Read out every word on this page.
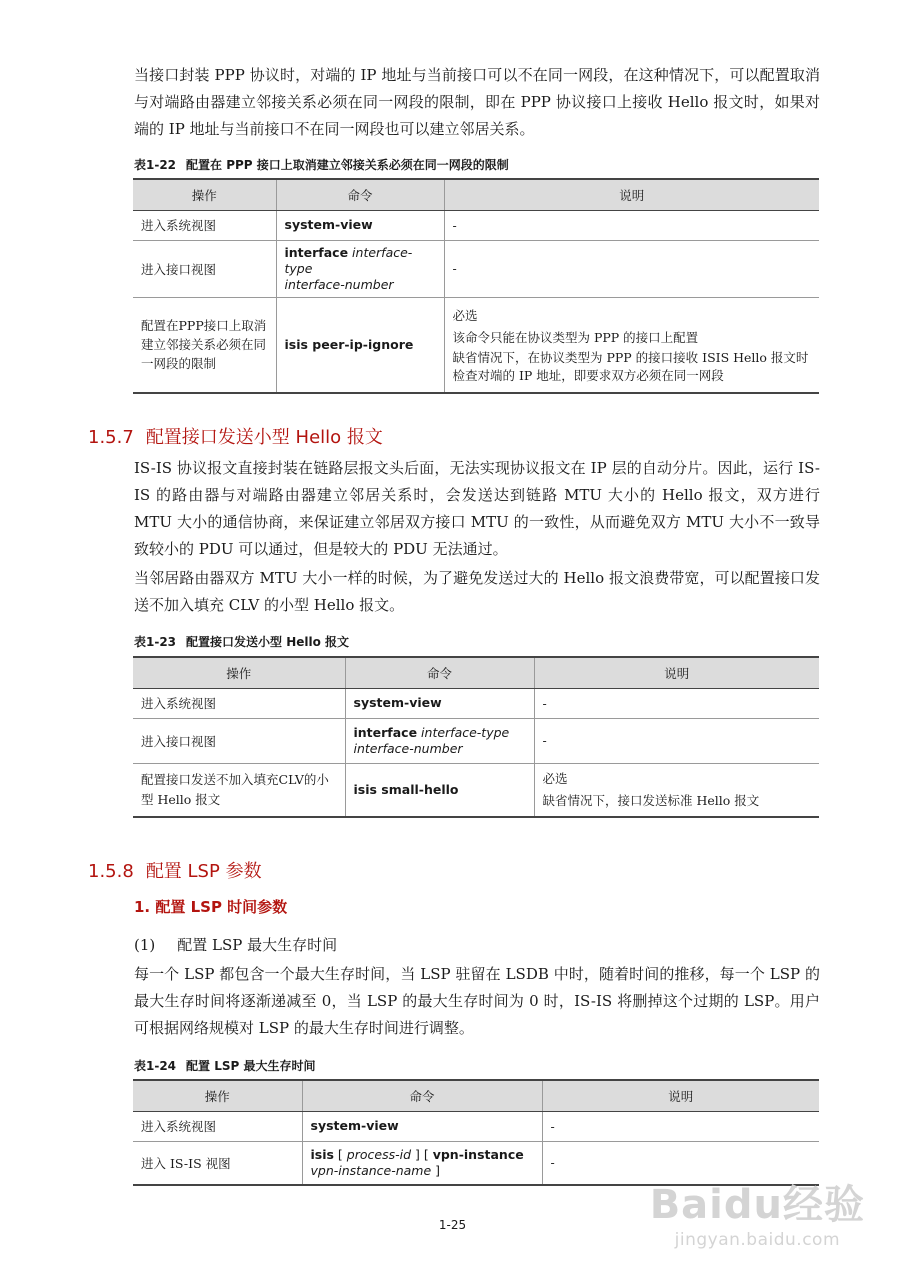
当接口封装 PPP 协议时，对端的 IP 地址与当前接口可以不在同一网段，在这种情况下，可以配置取消与对端路由器建立邻接关系必须在同一网段的限制，即在 PPP 协议接口上接收 Hello 报文时，如果对端的 IP 地址与当前接口不在同一网段也可以建立邻居关系。

表1-22 配置在 PPP 接口上取消建立邻接关系必须在同一网段的限制

操作	命令	说明
进入系统视图	system-view	-
进入接口视图	interface interface-type
interface-number	-
配置在PPP接口上取消建立邻接关系必须在同一网段的限制	isis peer-ip-ignore	必选
该命令只能在协议类型为 PPP 的接口上配置
缺省情况下，在协议类型为 PPP 的接口接收 ISIS Hello 报文时检查对端的 IP 地址，即要求双方必须在同一网段
1.5.7 配置接口发送小型 Hello 报文

IS-IS 协议报文直接封装在链路层报文头后面，无法实现协议报文在 IP 层的自动分片。因此，运行 IS-IS 的路由器与对端路由器建立邻居关系时，会发送达到链路 MTU 大小的 Hello 报文，双方进行 MTU 大小的通信协商，来保证建立邻居双方接口 MTU 的一致性，从而避免双方 MTU 大小不一致导致较小的 PDU 可以通过，但是较大的 PDU 无法通过。

当邻居路由器双方 MTU 大小一样的时候，为了避免发送过大的 Hello 报文浪费带宽，可以配置接口发送不加入填充 CLV 的小型 Hello 报文。

表1-23 配置接口发送小型 Hello 报文

操作	命令	说明
进入系统视图	system-view	-
进入接口视图	interface interface-type
interface-number	-
配置接口发送不加入填充CLV的小型 Hello 报文	isis small-hello	必选
缺省情况下，接口发送标准 Hello 报文
1.5.8 配置 LSP 参数
1. 配置 LSP 时间参数

(1) 配置 LSP 最大生存时间

每一个 LSP 都包含一个最大生存时间，当 LSP 驻留在 LSDB 中时，随着时间的推移，每一个 LSP 的最大生存时间将逐渐递减至 0，当 LSP 的最大生存时间为 0 时，IS-IS 将删掉这个过期的 LSP。用户可根据网络规模对 LSP 的最大生存时间进行调整。

表1-24 配置 LSP 最大生存时间

操作	命令	说明
进入系统视图	system-view	-
进入 IS-IS 视图	isis [ process-id ] [ vpn-instance
vpn-instance-name ]	-
1-25	Baidu经验
jingyan.baidu.com
